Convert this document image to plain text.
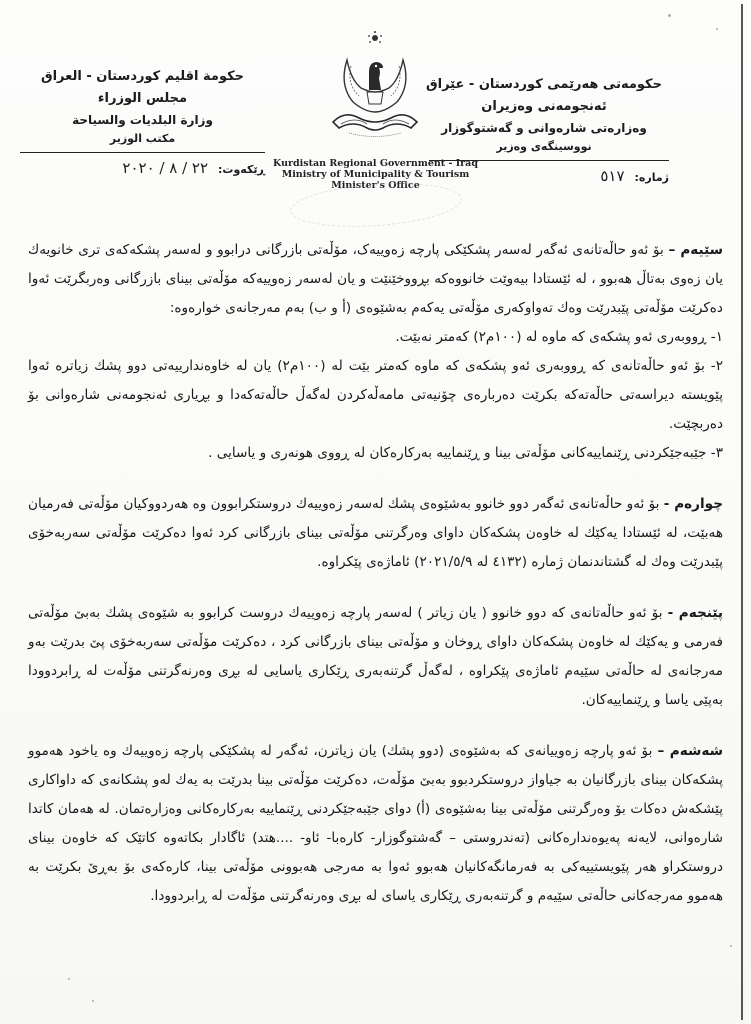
حکومەتی هەرێمی کوردستان - عێراق
ئەنجومەنی وەزیران
وەزارەتی شارەوانی و گەشتوگوزار
نووسینگەی وەزیر
ژمارە:
٥١٧
حكومة اقليم كوردستان - العراق
مجلس الوزراء
وزارة البلديات والسياحة
مكتب الوزير
ڕێکەوت:
٢٢ / ٨ / ٢٠٢٠	Kurdistan Regional Government - Iraq
Ministry of Municipality & Tourism
Minister's Office

سێیەم – بۆ ئەو حاڵەتانەی ئەگەر لەسەر پشکێکی پارچە زەوییەک، مۆڵەتی بازرگانی درابوو و لەسەر پشکەکەی تری خانویەك یان زەوی بەتاڵ هەبوو ، لە ئێستادا بیەوێت خانووەکە بڕووخێنێت و یان لەسەر زەوییەکە مۆڵەتی بینای بازرگانی وەربگرێت ئەوا دەکرێت مۆڵەتی پێبدرێت وەك تەواوکەری مۆڵەتی یەکەم بەشێوەی (أ و ب) بەم مەرجانەی خوارەوە:

١- ڕووبەری ئەو پشکەی کە ماوە لە (١٠٠م٢) کەمتر نەبێت.

٢- بۆ ئەو حاڵەتانەی کە ڕووبەری ئەو پشکەی کە ماوە کەمتر بێت لە (١٠٠م٢) یان لە خاوەندارییەتی دوو پشك زیاترە ئەوا پێویستە دیراسەتی حاڵەتەکە بکرێت دەربارەی چۆنیەتی مامەڵەکردن لەگەڵ حاڵەتەکەدا و بڕیاری ئەنجومەنی شارەوانی بۆ دەربچێت.

٣- جێبەجێکردنی ڕێنماییەکانی مۆڵەتی بینا و ڕێنماییە بەرکارەکان لە ڕووی هونەری و یاسایی .

چوارەم - بۆ ئەو حاڵەتانەی ئەگەر دوو خانوو بەشێوەی پشك لەسەر زەوییەك دروستکرابوون وە هەردووکیان مۆڵەتی فەرمیان هەبێت، لە ئێستادا یەکێك لە خاوەن پشکەکان داوای وەرگرتنی مۆڵەتی بینای بازرگانی کرد ئەوا دەکرێت مۆڵەتی سەربەخۆی پێبدرێت وەك لە گشتاندنمان ژمارە (٤١٣٢ لە ٢٠٢١/٥/٩) ئاماژەی پێکراوە.

پێنجەم - بۆ ئەو حاڵەتانەی کە دوو خانوو ( یان زیاتر ) لەسەر پارچە زەوییەك دروست کرابوو بە شێوەی پشك بەبێ مۆڵەتی فەرمی و یەکێك لە خاوەن پشکەکان داوای ڕوخان و مۆڵەتی بینای بازرگانی کرد ، دەکرێت مۆڵەتی سەربەخۆی پێ بدرێت بەو مەرجانەی لە حاڵەتی سێیەم ئاماژەی پێکراوە ، لەگەڵ گرتنەبەری ڕێکاری یاسایی لە بڕی وەرنەگرتنی مۆڵەت لە ڕابردوودا بەپێی یاسا و ڕێنماییەکان.

شەشەم – بۆ ئەو پارچە زەوییانەی کە بەشێوەی (دوو پشك) یان زیاترن، ئەگەر لە پشکێکی پارچە زەوییەك وە یاخود هەموو پشکەکان بینای بازرگانیان بە جیاواز دروستکردبوو بەبێ مۆڵەت، دەکرێت مۆڵەتی بینا بدرێت بە یەك لەو پشکانەی کە داواکاری پێشکەش دەکات بۆ وەرگرتنی مۆڵەتی بینا بەشێوەی (أ) دوای جێبەجێکردنی ڕێنماییە بەرکارەکانی وەزارەتمان. لە هەمان کاتدا شارەوانی، لایەنە پەیوەندارەکانی (تەندروستی – گەشتوگوزار- کارەبا- ئاو- ....هتد) ئاگادار بکاتەوە کاتێک کە خاوەن بینای دروستکراو هەر پێویستییەکی بە فەرمانگەکانیان هەبوو ئەوا بە مەرجی هەبوونی مۆڵەتی بینا، کارەکەی بۆ بەڕێ بکرێت بە هەموو مەرجەکانی حاڵەتی سێیەم و گرتنەبەری ڕێکاری یاسای لە بڕی وەرنەگرتنی مۆڵەت لە ڕابردوودا.
